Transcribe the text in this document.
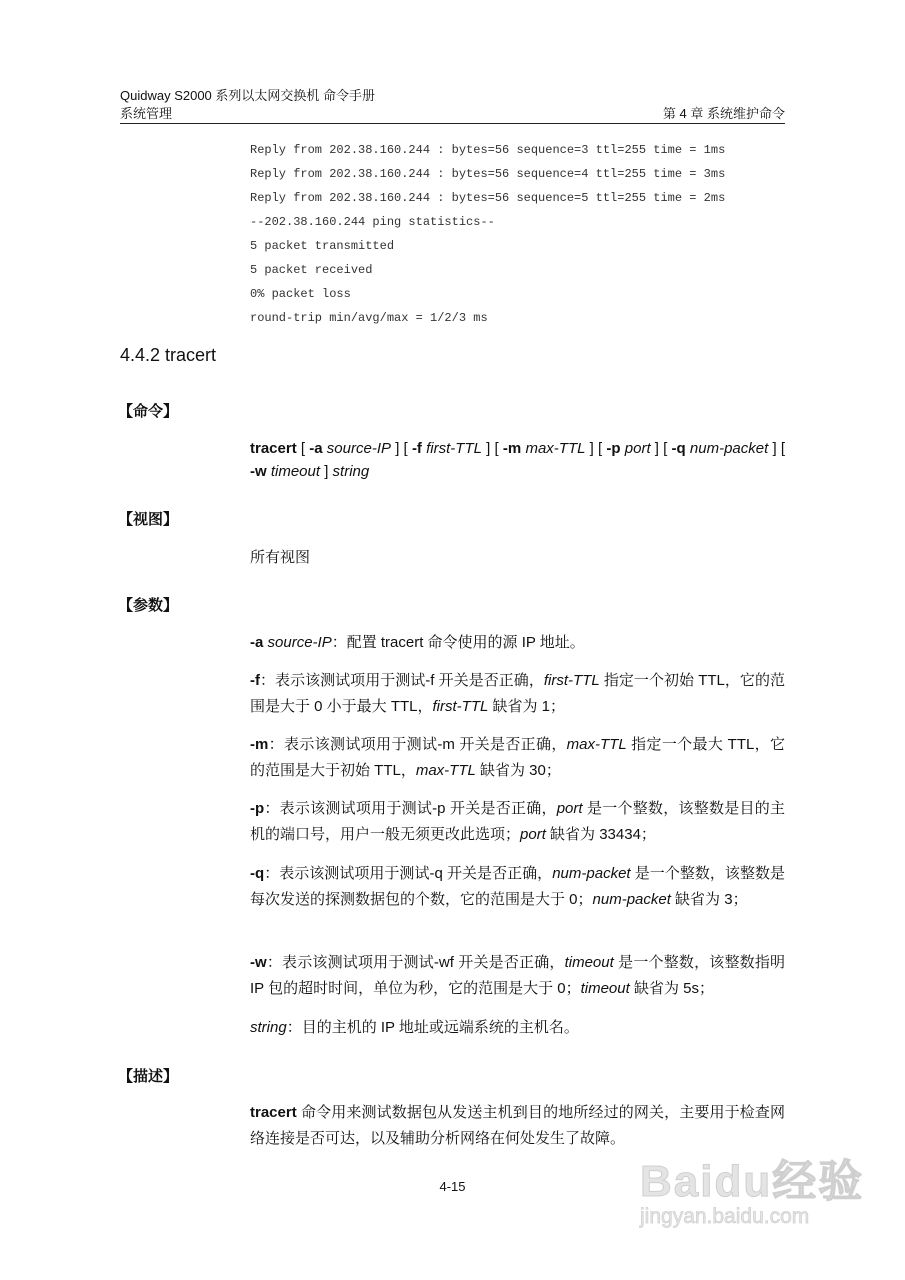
Quidway S2000 系列以太网交换机 命令手册
系统管理	第 4 章 系统维护命令
Reply from 202.38.160.244 : bytes=56 sequence=3 ttl=255 time = 1ms
Reply from 202.38.160.244 : bytes=56 sequence=4 ttl=255 time = 3ms
Reply from 202.38.160.244 : bytes=56 sequence=5 ttl=255 time = 2ms
--202.38.160.244 ping statistics--
5 packet transmitted
5 packet received
0% packet loss
round-trip min/avg/max = 1/2/3 ms
4.4.2 tracert
【命令】
tracert [ -a source-IP ] [ -f first-TTL ] [ -m max-TTL ] [ -p port ] [ -q num-packet ] [ -w timeout ] string
【视图】
所有视图
【参数】
-a source-IP：配置 tracert 命令使用的源 IP 地址。
-f：表示该测试项用于测试-f 开关是否正确，first-TTL 指定一个初始 TTL，它的范围是大于 0 小于最大 TTL，first-TTL 缺省为 1；
-m：表示该测试项用于测试-m 开关是否正确，max-TTL 指定一个最大 TTL，它的范围是大于初始 TTL，max-TTL 缺省为 30；
-p：表示该测试项用于测试-p 开关是否正确，port 是一个整数，该整数是目的主机的端口号，用户一般无须更改此选项；port 缺省为 33434；
-q：表示该测试项用于测试-q 开关是否正确，num-packet 是一个整数，该整数是每次发送的探测数据包的个数，它的范围是大于 0；num-packet 缺省为 3；
-w：表示该测试项用于测试-wf 开关是否正确，timeout 是一个整数，该整数指明 IP 包的超时时间，单位为秒，它的范围是大于 0；timeout 缺省为 5s；
string：目的主机的 IP 地址或远端系统的主机名。
【描述】
tracert 命令用来测试数据包从发送主机到目的地所经过的网关，主要用于检查网络连接是否可达，以及辅助分析网络在何处发生了故障。
4-15	Baidu经验
jingyan.baidu.com
